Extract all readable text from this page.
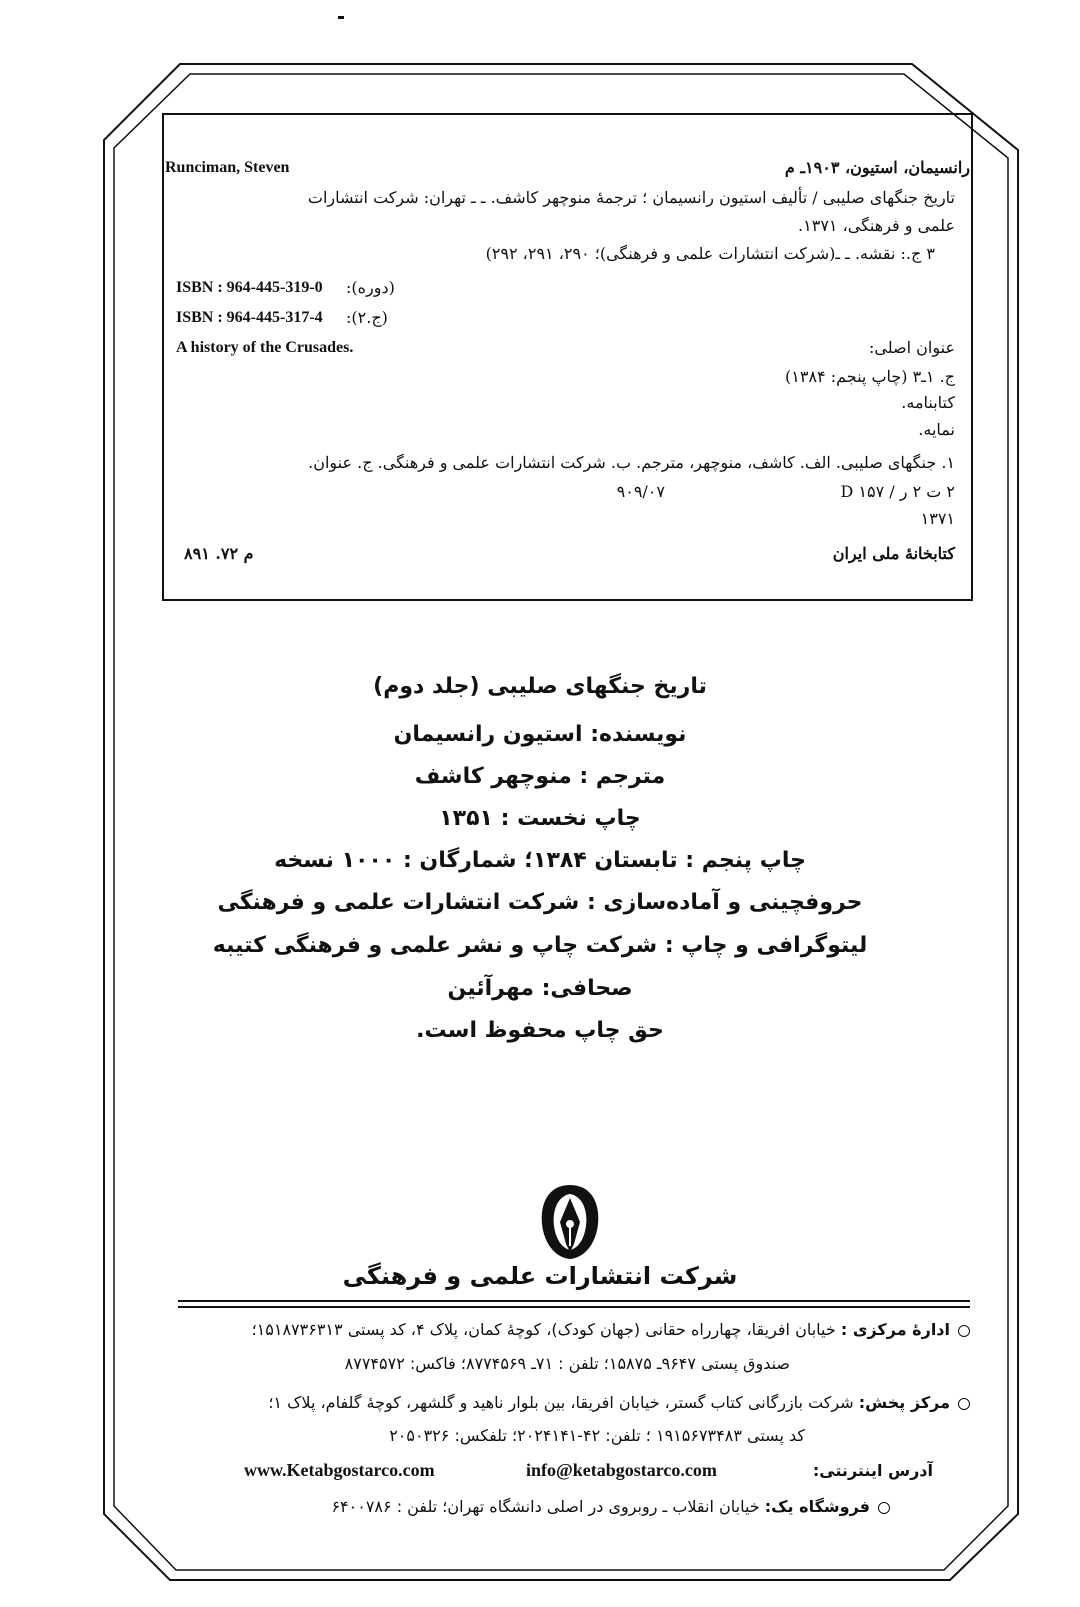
Runciman, Steven	رانسیمان، استیون، ۱۹۰۳ـ م
تاریخ جنگهای صلیبی / تألیف استیون رانسیمان ؛ ترجمهٔ منوچهر کاشف. ـ ـ تهران: شرکت انتشارات
علمی و فرهنگی، ۱۳۷۱.
۳ ج.: نقشه. ـ ـ(شرکت انتشارات علمی و فرهنگی)؛ ۲۹۰، ۲۹۱، ۲۹۲)
ISBN : 964-445-319-0 (دوره):
ISBN : 964-445-317-4 (ج.۲):
A history of the Crusades.	عنوان اصلی:
ج. ۱ـ۳ (چاپ پنجم: ۱۳۸۴)
کتابنامه.
نمایه.
۱. جنگهای صلیبی. الف. کاشف، منوچهر، مترجم. ب. شرکت انتشارات علمی و فرهنگی. ج. عنوان.
۲ ت ۲ ر / ۱۵۷ D
۹۰۹/۰۷
۱۳۷۱
کتابخانهٔ ملی ایران
م ۷۲. ۸۹۱
تاریخ جنگهای صلیبی (جلد دوم)
نویسنده: استیون رانسیمان
مترجم : منوچهر کاشف
چاپ نخست : ۱۳۵۱
چاپ پنجم : تابستان ۱۳۸۴؛ شمارگان : ۱۰۰۰ نسخه
حروفچینی و آماده‌سازی : شرکت انتشارات علمی و فرهنگی
لیتوگرافی و چاپ : شرکت چاپ و نشر علمی و فرهنگی کتیبه
صحافی: مهرآئین
حق چاپ محفوظ است.
شرکت انتشارات علمی و فرهنگی
ادارهٔ مرکزی : خیابان افریقا، چهارراه حقانی (جهان کودک)، کوچهٔ کمان، پلاک ۴، کد پستی ۱۵۱۸۷۳۶۳۱۳؛
صندوق پستی ۹۶۴۷ـ ۱۵۸۷۵؛ تلفن : ۷۱ـ ۸۷۷۴۵۶۹؛ فاکس: ۸۷۷۴۵۷۲
مرکز پخش: شرکت بازرگانی کتاب گستر، خیابان افریقا، بین بلوار ناهید و گلشهر، کوچهٔ گلفام، پلاک ۱؛
کد پستی ۱۹۱۵۶۷۳۴۸۳ ؛ تلفن: ۴۲-۲۰۲۴۱۴۱؛ تلفکس: ۲۰۵۰۳۲۶
آدرس اینترنتی:
info@ketabgostarco.com
www.Ketabgostarco.com
فروشگاه یک: خیابان انقلاب ـ روبروی در اصلی دانشگاه تهران؛ تلفن : ۶۴۰۰۷۸۶
